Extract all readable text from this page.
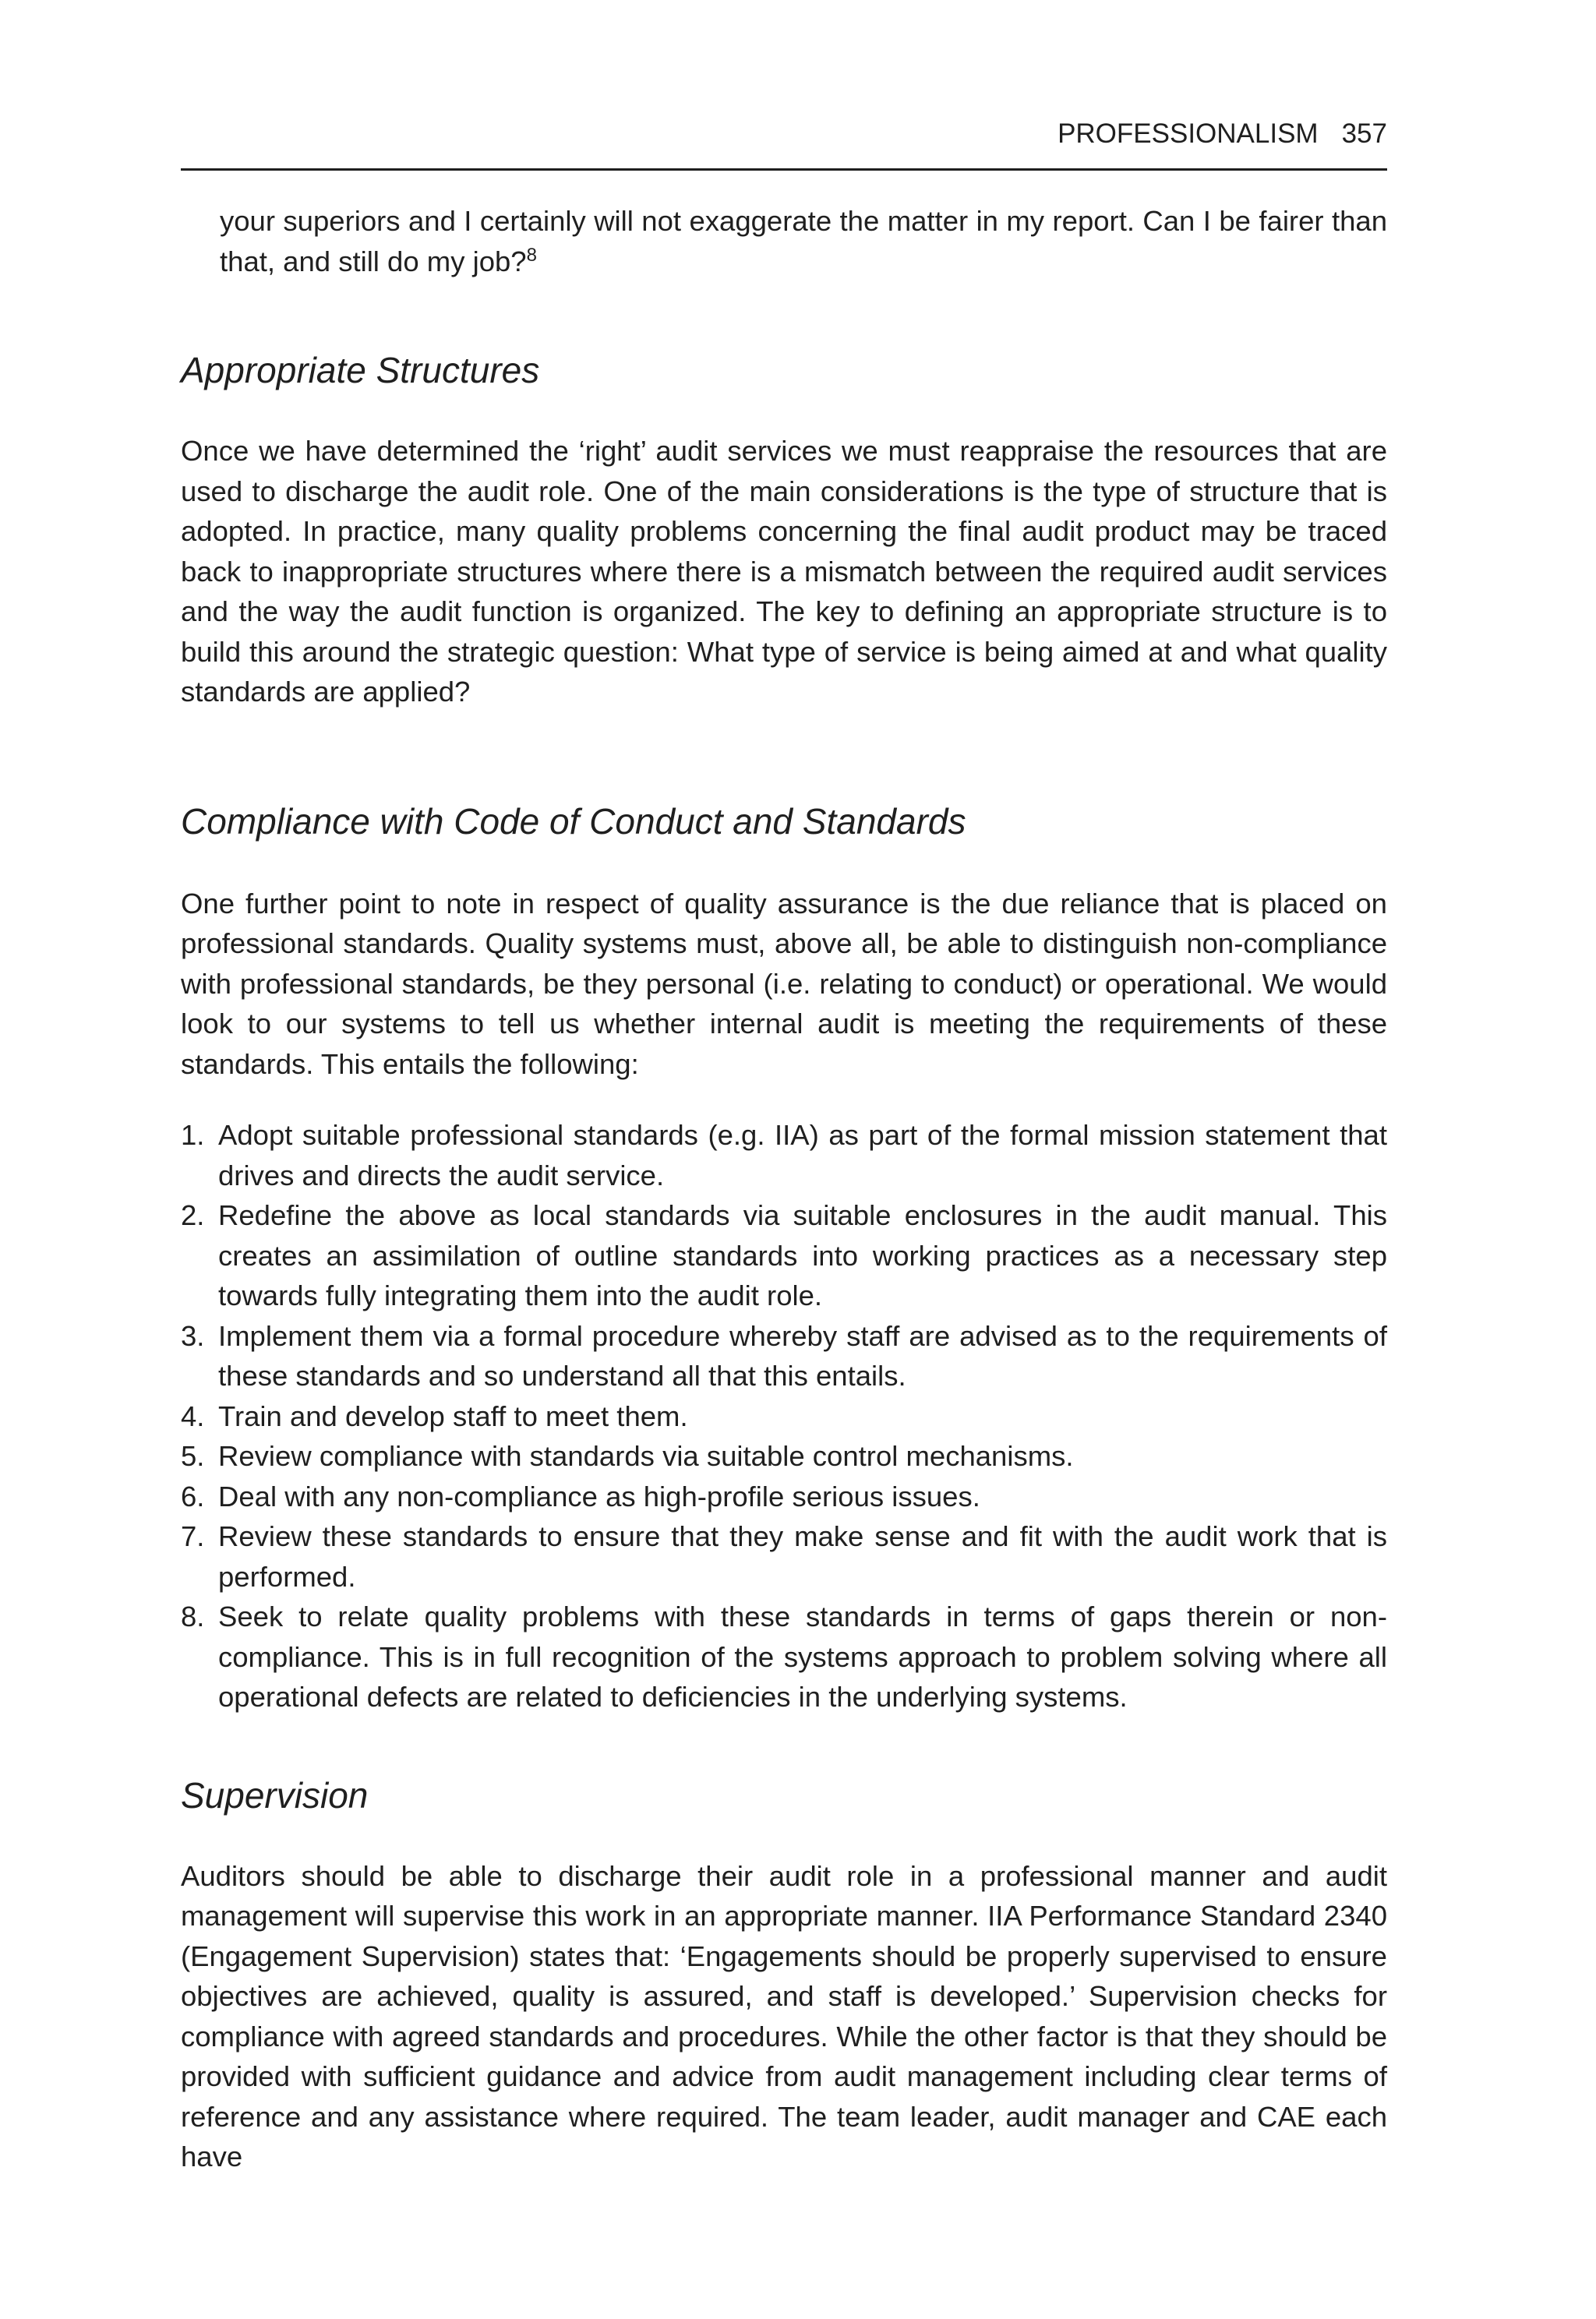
PROFESSIONALISM 357

your superiors and I certainly will not exaggerate the matter in my report. Can I be fairer than that, and still do my job?$^8$

Appropriate Structures

Once we have determined the ‘right’ audit services we must reappraise the resources that are used to discharge the audit role. One of the main considerations is the type of structure that is adopted. In practice, many quality problems concerning the final audit product may be traced back to inappropriate structures where there is a mismatch between the required audit services and the way the audit function is organized. The key to defining an appropriate structure is to build this around the strategic question: What type of service is being aimed at and what quality standards are applied?

Compliance with Code of Conduct and Standards

One further point to note in respect of quality assurance is the due reliance that is placed on professional standards. Quality systems must, above all, be able to distinguish non-compliance with professional standards, be they personal (i.e. relating to conduct) or operational. We would look to our systems to tell us whether internal audit is meeting the requirements of these standards. This entails the following:

1. Adopt suitable professional standards (e.g. IIA) as part of the formal mission statement that drives and directs the audit service.
2. Redefine the above as local standards via suitable enclosures in the audit manual. This creates an assimilation of outline standards into working practices as a necessary step towards fully integrating them into the audit role.
3. Implement them via a formal procedure whereby staff are advised as to the requirements of these standards and so understand all that this entails.
4. Train and develop staff to meet them.
5. Review compliance with standards via suitable control mechanisms.
6. Deal with any non-compliance as high-profile serious issues.
7. Review these standards to ensure that they make sense and fit with the audit work that is performed.
8. Seek to relate quality problems with these standards in terms of gaps therein or non-compliance. This is in full recognition of the systems approach to problem solving where all operational defects are related to deficiencies in the underlying systems.
Supervision

Auditors should be able to discharge their audit role in a professional manner and audit management will supervise this work in an appropriate manner. IIA Performance Standard 2340 (Engagement Supervision) states that: ‘Engagements should be properly supervised to ensure objectives are achieved, quality is assured, and staff is developed.’ Supervision checks for compliance with agreed standards and procedures. While the other factor is that they should be provided with sufficient guidance and advice from audit management including clear terms of reference and any assistance where required. The team leader, audit manager and CAE each have
